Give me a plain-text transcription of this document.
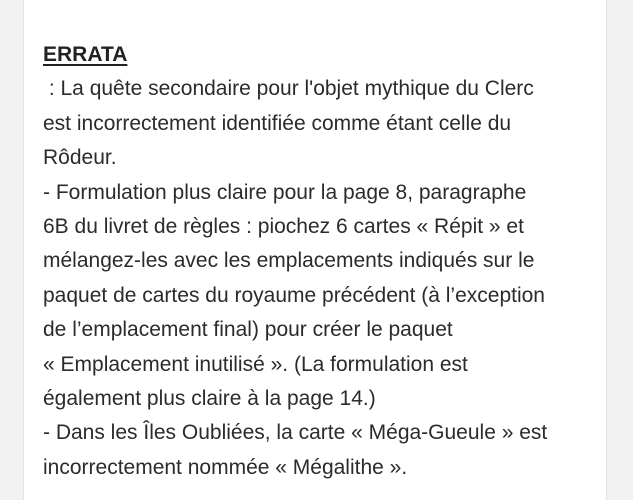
ERRATA
: La quête secondaire pour l'objet mythique du Clerc
est incorrectement identifiée comme étant celle du
Rôdeur.
- Formulation plus claire pour la page 8, paragraphe
6B du livret de règles : piochez 6 cartes « Répit » et
mélangez-les avec les emplacements indiqués sur le
paquet de cartes du royaume précédent (à l’exception
de l’emplacement final) pour créer le paquet
« Emplacement inutilisé ». (La formulation est
également plus claire à la page 14.)
- Dans les Îles Oubliées, la carte « Méga-Gueule » est
incorrectement nommée « Mégalithe ».
